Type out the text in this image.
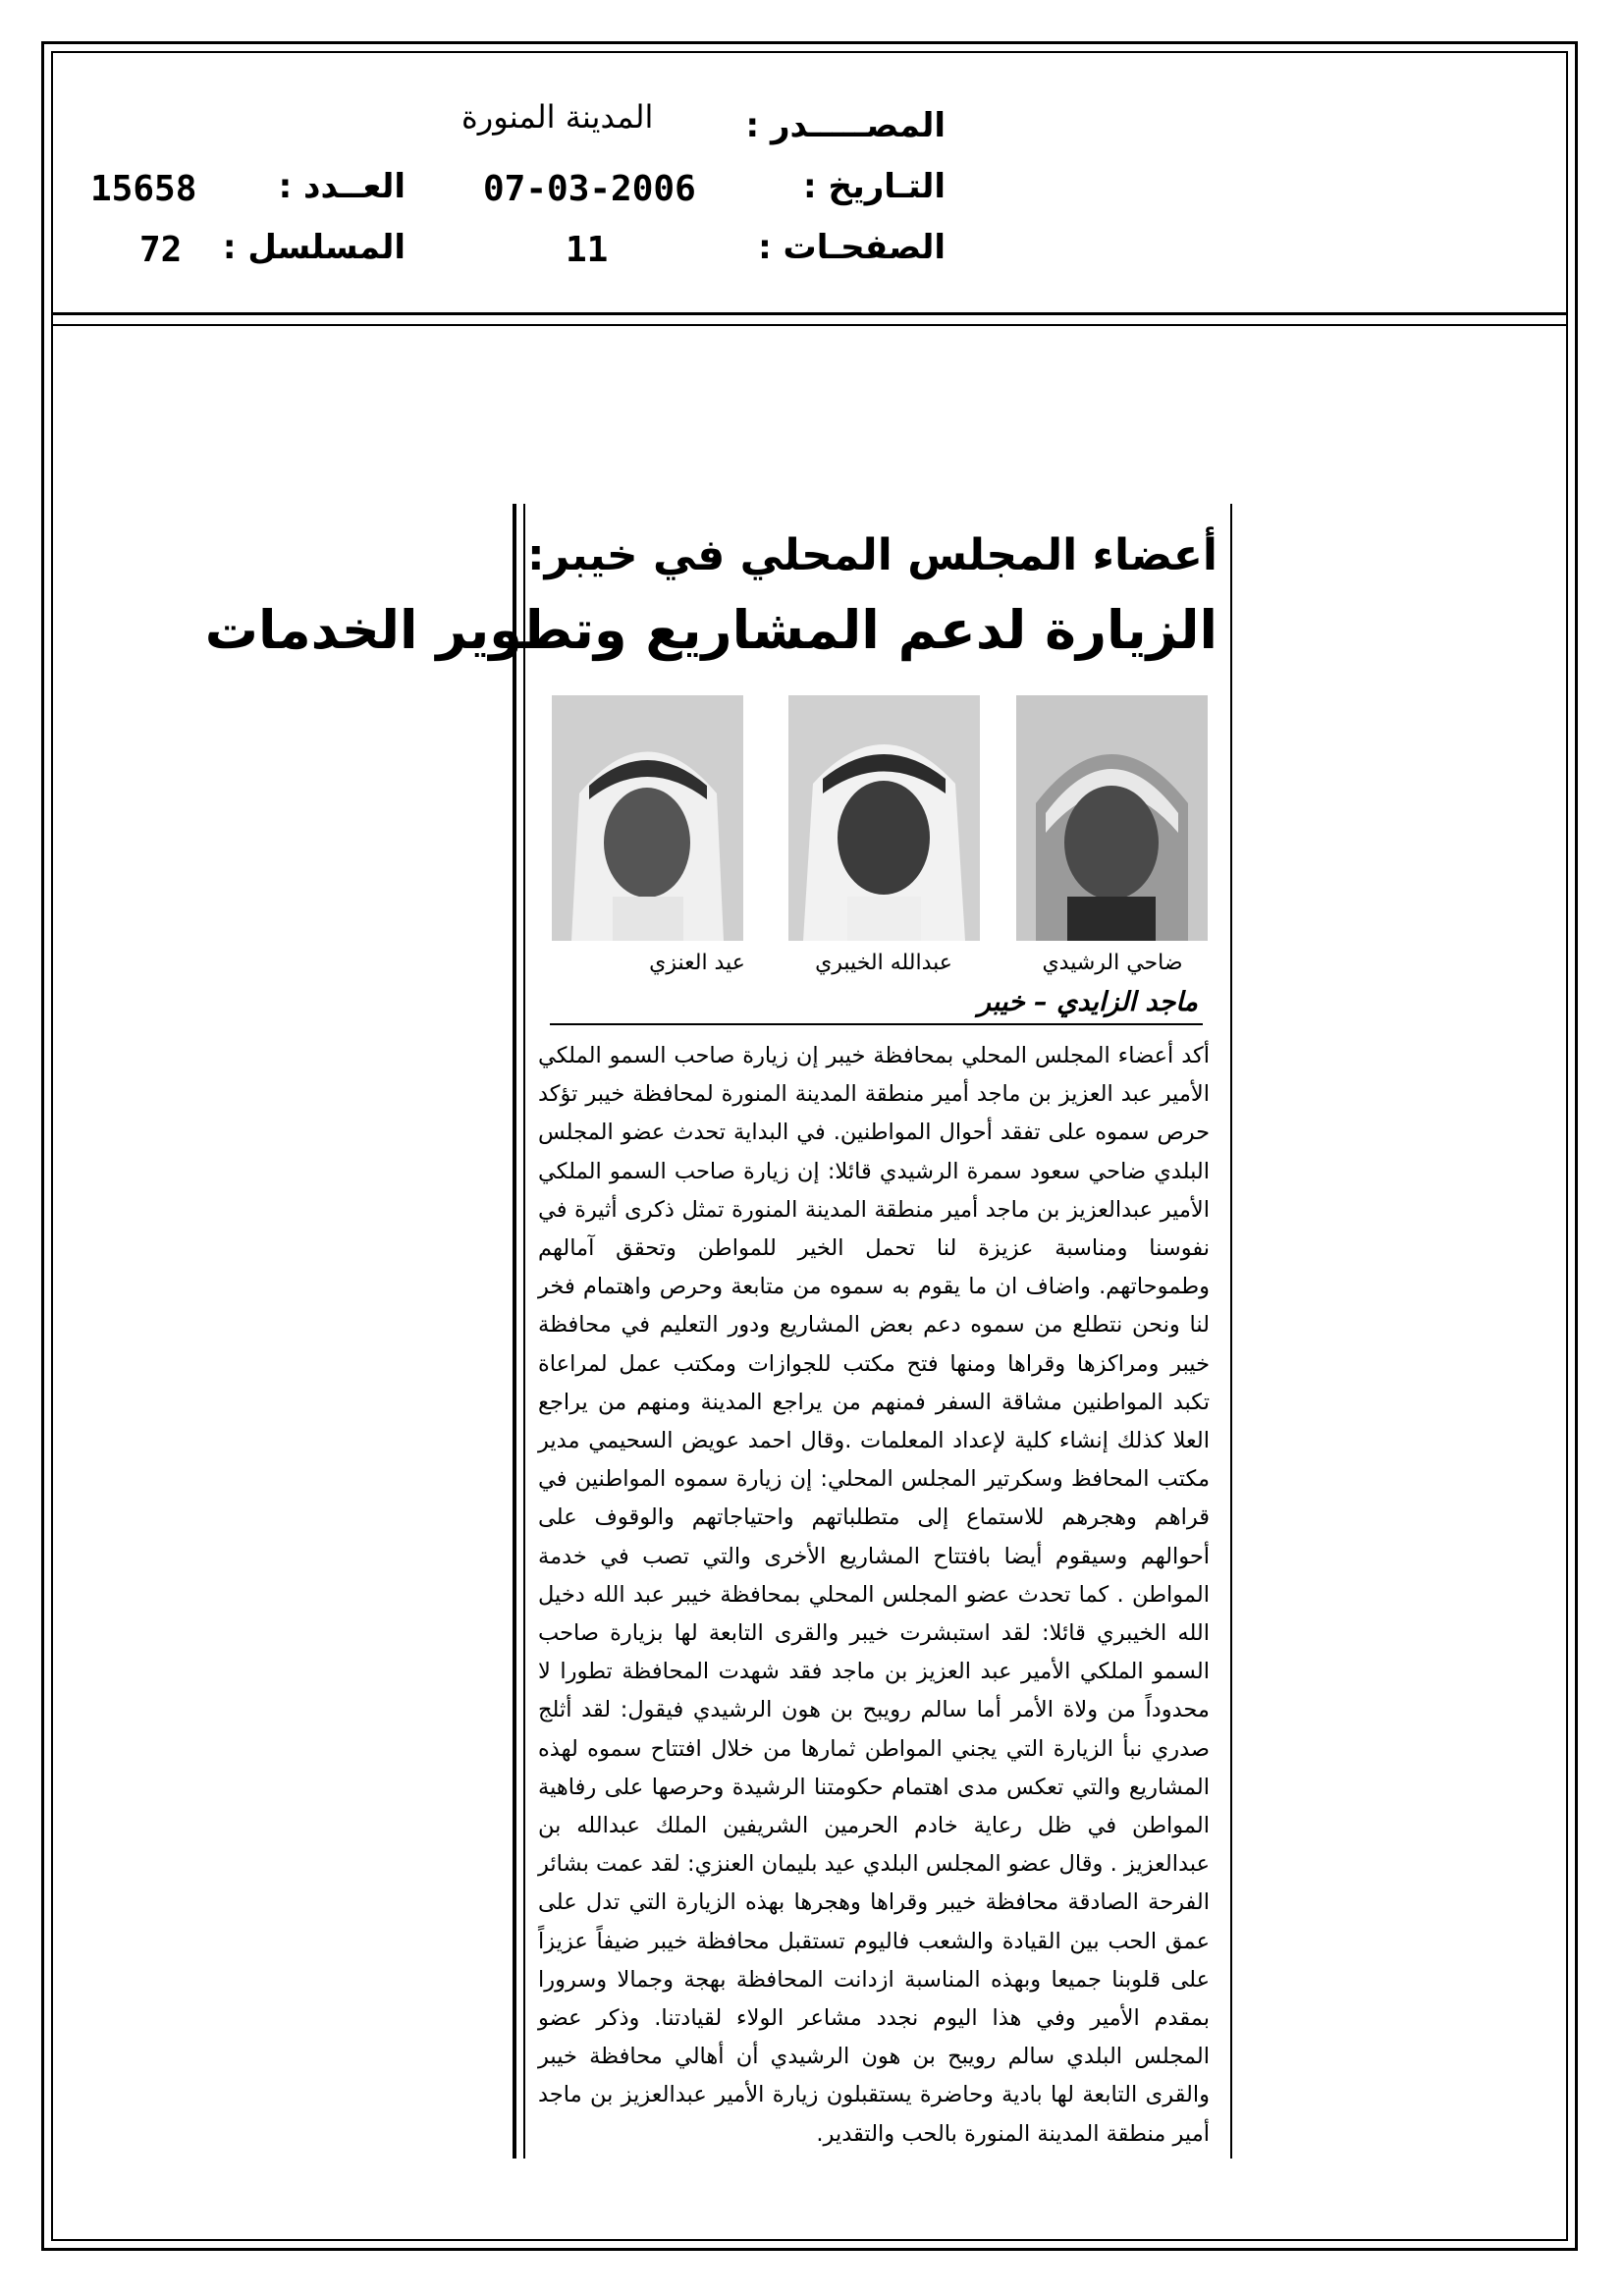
المصـــــدر :
المدينة المنورة
التـاريخ :
07-03-2006
العــدد :
15658
الصفحـات :
11
المسلسل :
72
أعضاء المجلس المحلي في خيبر:
الزيارة لدعم المشاريع وتطوير الخدمات
ضاحي الرشيدي
عبدالله الخيبري
عيد العنزي
ماجد الزايدي – خيبر

أكد أعضاء المجلس المحلي بمحافظة خيبر إن زيارة صاحب السمو الملكي الأمير عبد العزيز بن ماجد أمير منطقة المدينة المنورة لمحافظة خيبر تؤكد حرص سموه على تفقد أحوال المواطنين. في البداية تحدث عضو المجلس البلدي ضاحي سعود سمرة الرشيدي قائلا: إن زيارة صاحب السمو الملكي الأمير عبدالعزيز بن ماجد أمير منطقة المدينة المنورة تمثل ذكرى أثيرة في نفوسنا ومناسبة عزيزة لنا تحمل الخير للمواطن وتحقق آمالهم وطموحاتهم. واضاف ان ما يقوم به سموه من متابعة وحرص واهتمام فخر لنا ونحن نتطلع من سموه دعم بعض المشاريع ودور التعليم في محافظة خيبر ومراكزها وقراها ومنها فتح مكتب للجوازات ومكتب عمل لمراعاة تكبد المواطنين مشاقة السفر فمنهم من يراجع المدينة ومنهم من يراجع العلا كذلك إنشاء كلية لإعداد المعلمات .وقال احمد عويض السحيمي مدير مكتب المحافظ وسكرتير المجلس المحلي: إن زيارة سموه المواطنين في قراهم وهجرهم للاستماع إلى متطلباتهم واحتياجاتهم والوقوف على أحوالهم وسيقوم أيضا بافتتاح المشاريع الأخرى والتي تصب في خدمة المواطن . كما تحدث عضو المجلس المحلي بمحافظة خيبر عبد الله دخيل الله الخيبري قائلا: لقد استبشرت خيبر والقرى التابعة لها بزيارة صاحب السمو الملكي الأمير عبد العزيز بن ماجد فقد شهدت المحافظة تطورا لا محدوداً من ولاة الأمر أما سالم رويبح بن هون الرشيدي فيقول: لقد أثلج صدري نبأ الزيارة التي يجني المواطن ثمارها من خلال افتتاح سموه لهذه المشاريع والتي تعكس مدى اهتمام حكومتنا الرشيدة وحرصها على رفاهية المواطن في ظل رعاية خادم الحرمين الشريفين الملك عبدالله بن عبدالعزيز . وقال عضو المجلس البلدي عيد بليمان العنزي: لقد عمت بشائر الفرحة الصادقة محافظة خيبر وقراها وهجرها بهذه الزيارة التي تدل على عمق الحب بين القيادة والشعب فاليوم تستقبل محافظة خيبر ضيفاً عزيزاً على قلوبنا جميعا وبهذه المناسبة ازدانت المحافظة بهجة وجمالا وسرورا بمقدم الأمير وفي هذا اليوم نجدد مشاعر الولاء لقيادتنا. وذكر عضو المجلس البلدي سالم رويبح بن هون الرشيدي أن أهالي محافظة خيبر والقرى التابعة لها بادية وحاضرة يستقبلون زيارة الأمير عبدالعزيز بن ماجد أمير منطقة المدينة المنورة بالحب والتقدير.
